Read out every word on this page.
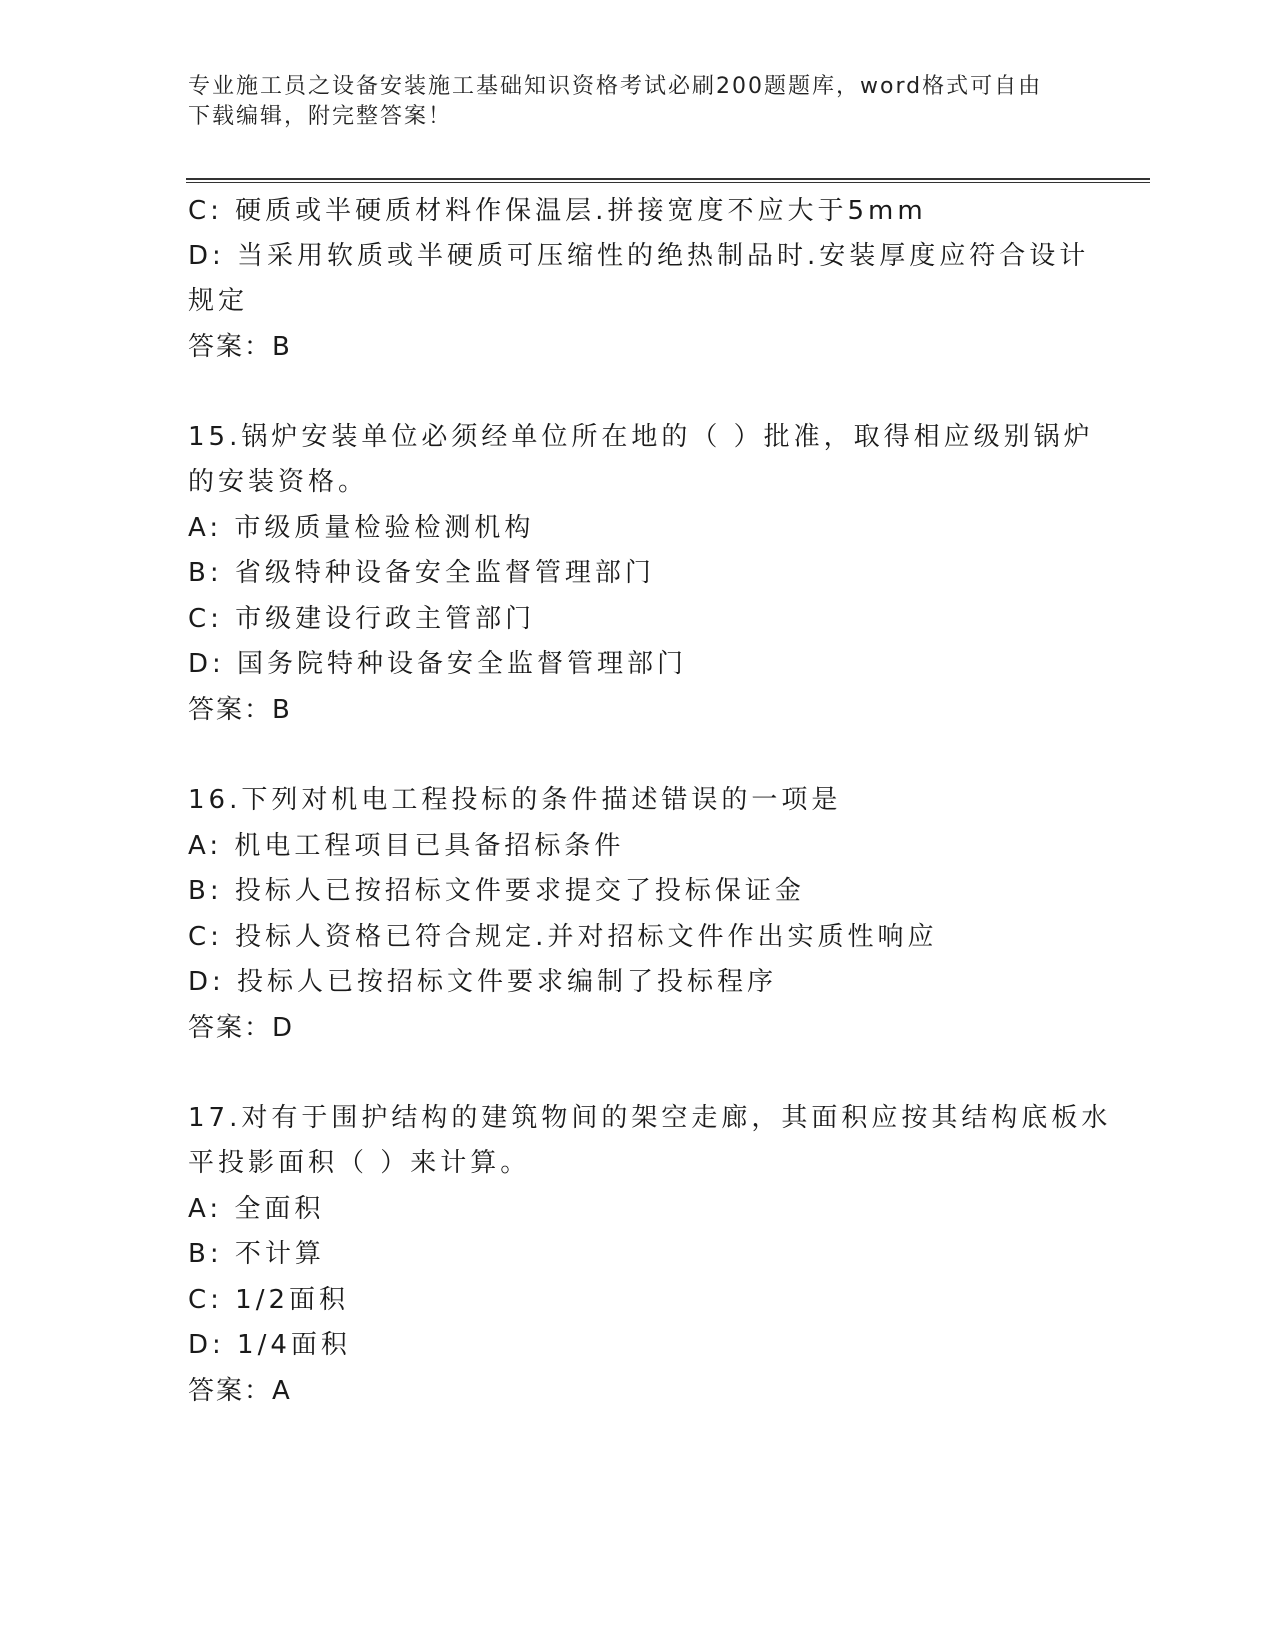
专业施工员之设备安装施工基础知识资格考试必刷200题题库，word格式可自由
下载编辑，附完整答案！
C: 硬质或半硬质材料作保温层.拼接宽度不应大于5mm
D: 当采用软质或半硬质可压缩性的绝热制品时.安装厚度应符合设计
规定
答案：B
15.锅炉安装单位必须经单位所在地的（ ）批准，取得相应级别锅炉
的安装资格。
A: 市级质量检验检测机构
B: 省级特种设备安全监督管理部门
C: 市级建设行政主管部门
D: 国务院特种设备安全监督管理部门
答案：B
16.下列对机电工程投标的条件描述错误的一项是
A: 机电工程项目已具备招标条件
B: 投标人已按招标文件要求提交了投标保证金
C: 投标人资格已符合规定.并对招标文件作出实质性响应
D: 投标人已按招标文件要求编制了投标程序
答案：D
17.对有于围护结构的建筑物间的架空走廊，其面积应按其结构底板水
平投影面积（ ）来计算。
A: 全面积
B: 不计算
C: 1/2面积
D: 1/4面积
答案：A
